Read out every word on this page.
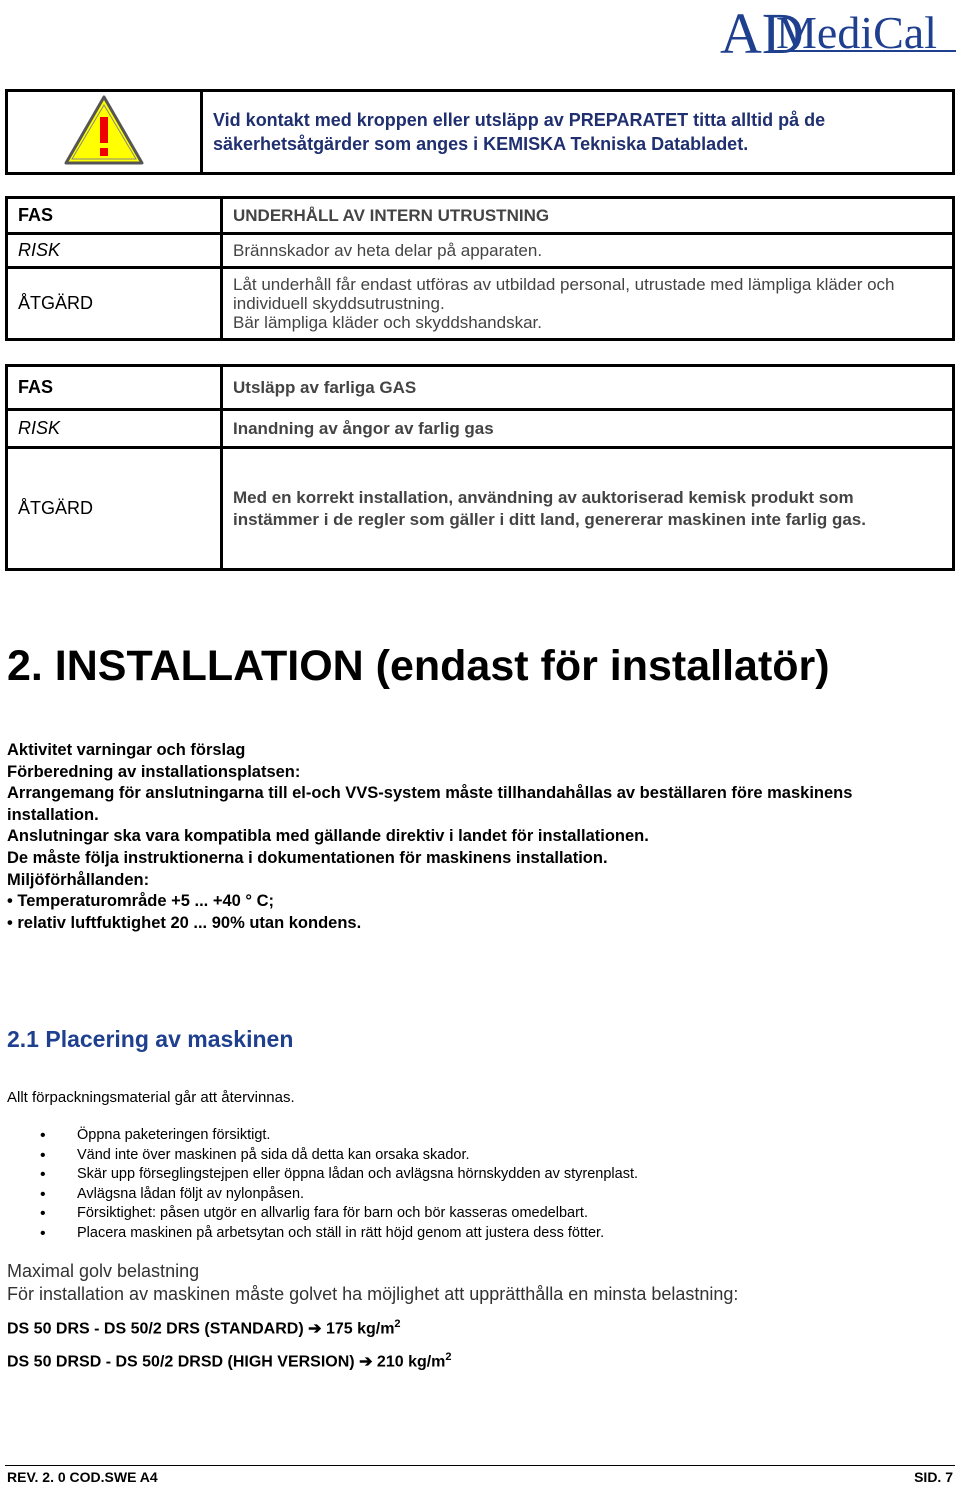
AD
MediCal
	Vid kontakt med kroppen eller utsläpp av PREPARATET titta alltid på de säkerhetsåtgärder som anges i KEMISKA Tekniska Databladet.
FAS	UNDERHÅLL AV INTERN UTRUSTNING
RISK	Brännskador av heta delar på apparaten.
ÅTGÄRD	Låt underhåll får endast utföras av utbildad personal, utrustade med lämpliga kläder och individuell skyddsutrustning.
Bär lämpliga kläder och skyddshandskar.
FAS	Utsläpp av farliga GAS
RISK	Inandning av ångor av farlig gas
ÅTGÄRD	Med en korrekt installation, användning av auktoriserad kemisk produkt som instämmer i de regler som gäller i ditt land, genererar maskinen inte farlig gas.
2. INSTALLATION (endast för installatör)

Aktivitet varningar och förslag

Förberedning av installationsplatsen:

Arrangemang för anslutningarna till el-och VVS-system måste tillhandahållas av beställaren före maskinens installation.

Anslutningar ska vara kompatibla med gällande direktiv i landet för installationen.

De måste följa instruktionerna i dokumentationen för maskinens installation.

Miljöförhållanden:

• Temperaturområde +5 ... +40 ° C;

• relativ luftfuktighet 20 ... 90% utan kondens.

2.1 Placering av maskinen
Allt förpackningsmaterial går att återvinnas.
• Öppna paketeringen försiktigt.
• Vänd inte över maskinen på sida då detta kan orsaka skador.
• Skär upp förseglingstejpen eller öppna lådan och avlägsna hörnskydden av styrenplast.
• Avlägsna lådan följt av nylonpåsen.
• Försiktighet: påsen utgör en allvarlig fara för barn och bör kasseras omedelbart.
• Placera maskinen på arbetsytan och ställ in rätt höjd genom att justera dess fötter.
Maximal golv belastning
För installation av maskinen måste golvet ha möjlighet att upprätthålla en minsta belastning:
DS 50 DRS - DS 50/2 DRS (STANDARD) ➔ 175 $kg/m^2$
DS 50 DRSD - DS 50/2 DRSD (HIGH VERSION) ➔ 210 $kg/m^2$
REV. 2. 0 COD.SWE A4	SID. 7
